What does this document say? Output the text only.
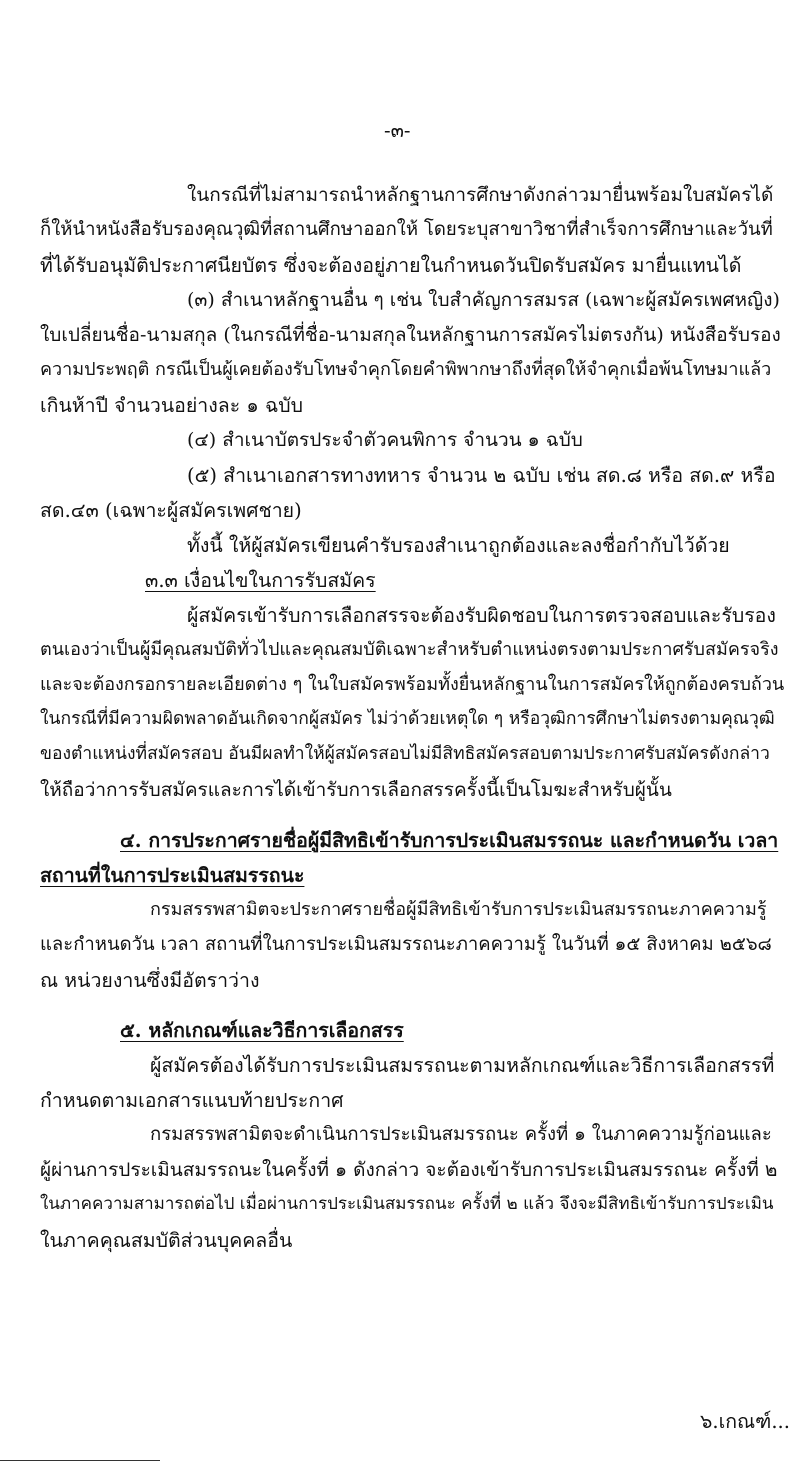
-๓-
ในกรณีที่ไม่สามารถนำหลักฐานการศึกษาดังกล่าวมายื่นพร้อมใบสมัครได้
ก็ให้นำหนังสือรับรองคุณวุฒิที่สถานศึกษาออกให้ โดยระบุสาขาวิชาที่สำเร็จการศึกษาและวันที่
ที่ได้รับอนุมัติประกาศนียบัตร ซึ่งจะต้องอยู่ภายในกำหนดวันปิดรับสมัคร มายื่นแทนได้
(๓) สำเนาหลักฐานอื่น ๆ เช่น ใบสำคัญการสมรส (เฉพาะผู้สมัครเพศหญิง)
ใบเปลี่ยนชื่อ-นามสกุล (ในกรณีที่ชื่อ-นามสกุลในหลักฐานการสมัครไม่ตรงกัน) หนังสือรับรอง
ความประพฤติ กรณีเป็นผู้เคยต้องรับโทษจำคุกโดยคำพิพากษาถึงที่สุดให้จำคุกเมื่อพ้นโทษมาแล้ว
เกินห้าปี จำนวนอย่างละ ๑ ฉบับ
(๔) สำเนาบัตรประจำตัวคนพิการ จำนวน ๑ ฉบับ
(๕) สำเนาเอกสารทางทหาร จำนวน ๒ ฉบับ เช่น สด.๘ หรือ สด.๙ หรือ
สด.๔๓ (เฉพาะผู้สมัครเพศชาย)
ทั้งนี้ ให้ผู้สมัครเขียนคำรับรองสำเนาถูกต้องและลงชื่อกำกับไว้ด้วย
๓.๓ เงื่อนไขในการรับสมัคร
ผู้สมัครเข้ารับการเลือกสรรจะต้องรับผิดชอบในการตรวจสอบและรับรอง
ตนเองว่าเป็นผู้มีคุณสมบัติทั่วไปและคุณสมบัติเฉพาะสำหรับตำแหน่งตรงตามประกาศรับสมัครจริง
และจะต้องกรอกรายละเอียดต่าง ๆ ในใบสมัครพร้อมทั้งยื่นหลักฐานในการสมัครให้ถูกต้องครบถ้วน
ในกรณีที่มีความผิดพลาดอันเกิดจากผู้สมัคร ไม่ว่าด้วยเหตุใด ๆ หรือวุฒิการศึกษาไม่ตรงตามคุณวุฒิ
ของตำแหน่งที่สมัครสอบ อันมีผลทำให้ผู้สมัครสอบไม่มีสิทธิสมัครสอบตามประกาศรับสมัครดังกล่าว
ให้ถือว่าการรับสมัครและการได้เข้ารับการเลือกสรรครั้งนี้เป็นโมฆะสำหรับผู้นั้น
๔. การประกาศรายชื่อผู้มีสิทธิเข้ารับการประเมินสมรรถนะ และกำหนดวัน เวลา
สถานที่ในการประเมินสมรรถนะ
กรมสรรพสามิตจะประกาศรายชื่อผู้มีสิทธิเข้ารับการประเมินสมรรถนะภาคความรู้
และกำหนดวัน เวลา สถานที่ในการประเมินสมรรถนะภาคความรู้ ในวันที่ ๑๕ สิงหาคม ๒๕๖๘
ณ หน่วยงานซึ่งมีอัตราว่าง
๕. หลักเกณฑ์และวิธีการเลือกสรร
ผู้สมัครต้องได้รับการประเมินสมรรถนะตามหลักเกณฑ์และวิธีการเลือกสรรที่
กำหนดตามเอกสารแนบท้ายประกาศ
กรมสรรพสามิตจะดำเนินการประเมินสมรรถนะ ครั้งที่ ๑ ในภาคความรู้ก่อนและ
ผู้ผ่านการประเมินสมรรถนะในครั้งที่ ๑ ดังกล่าว จะต้องเข้ารับการประเมินสมรรถนะ ครั้งที่ ๒
ในภาคความสามารถต่อไป เมื่อผ่านการประเมินสมรรถนะ ครั้งที่ ๒ แล้ว จึงจะมีสิทธิเข้ารับการประเมิน
ในภาคคุณสมบัติส่วนบุคคลอื่น
๖.เกณฑ์...
